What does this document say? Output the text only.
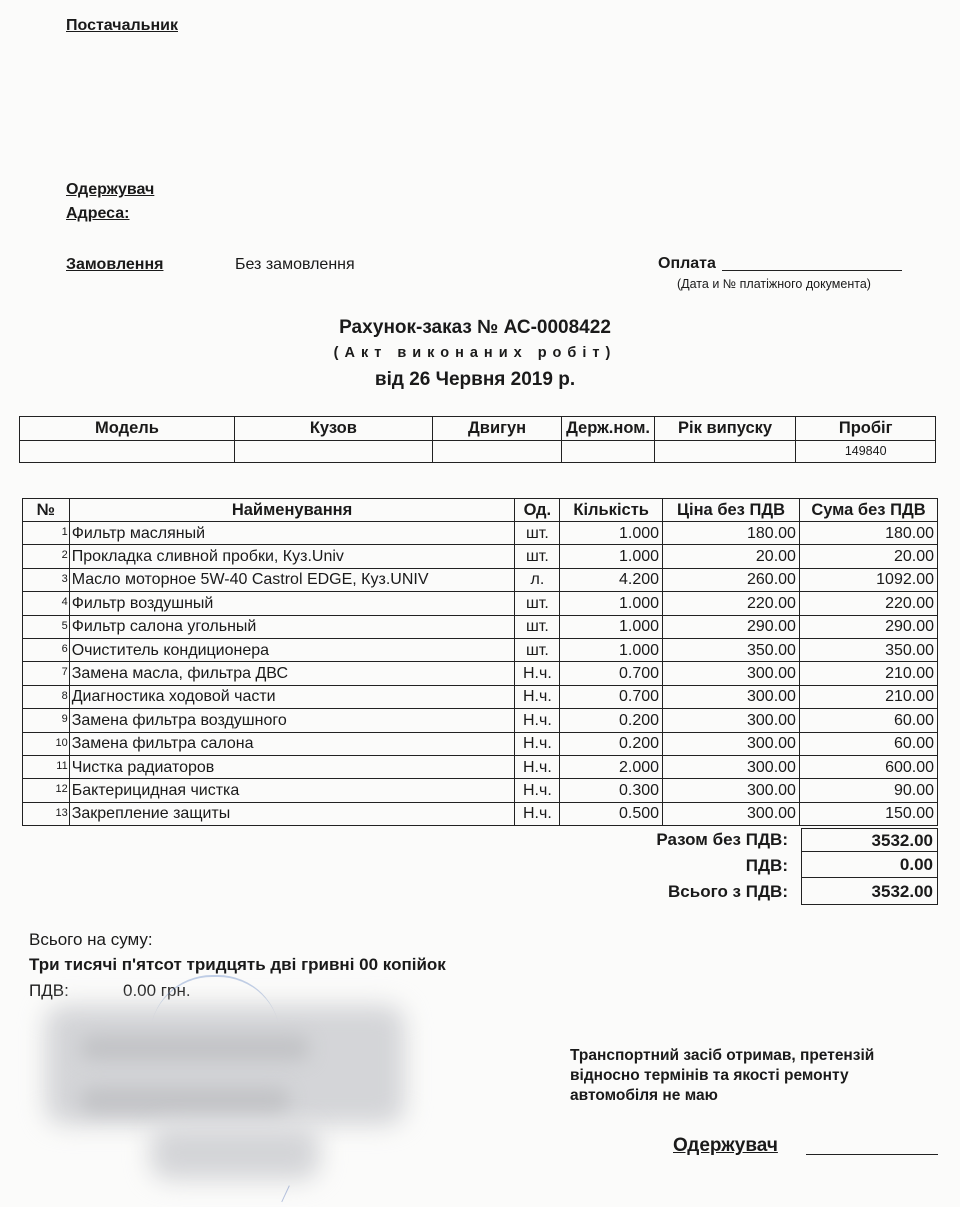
Постачальник
Одержувач
Адреса:
Замовлення	Без замовлення	Оплата
(Дата и № платіжного документа)
Рахунок-заказ № АС-0008422
(Акт виконаних робіт)
від 26 Червня 2019 р.
Модель	Кузов	Двигун	Держ.ном.	Рік випуску	Пробіг
					149840
№	Найменування	Од.	Кількість	Ціна без ПДВ	Сума без ПДВ
1	Фильтр масляный	шт.	1.000	180.00	180.00
2	Прокладка сливной пробки, Куз.Univ	шт.	1.000	20.00	20.00
3	Масло моторное 5W-40 Castrol EDGE, Куз.UNIV	л.	4.200	260.00	1092.00
4	Фильтр воздушный	шт.	1.000	220.00	220.00
5	Фильтр салона угольный	шт.	1.000	290.00	290.00
6	Очиститель кондиционера	шт.	1.000	350.00	350.00
7	Замена масла, фильтра ДВС	Н.ч.	0.700	300.00	210.00
8	Диагностика ходовой части	Н.ч.	0.700	300.00	210.00
9	Замена фильтра воздушного	Н.ч.	0.200	300.00	60.00
10	Замена фильтра салона	Н.ч.	0.200	300.00	60.00
11	Чистка радиаторов	Н.ч.	2.000	300.00	600.00
12	Бактерицидная чистка	Н.ч.	0.300	300.00	90.00
13	Закрепление защиты	Н.ч.	0.500	300.00	150.00
Разом без ПДВ:	3532.00
ПДВ:	0.00
Всього з ПДВ:	3532.00
Всього на суму:
Три тисячі п'ятсот тридцять дві гривні 00 копійок
ПДВ:	0.00 грн.
Транспортний засіб отримав, претензій
відносно термінів та якості ремонту
автомобіля не маю
Одержувач
